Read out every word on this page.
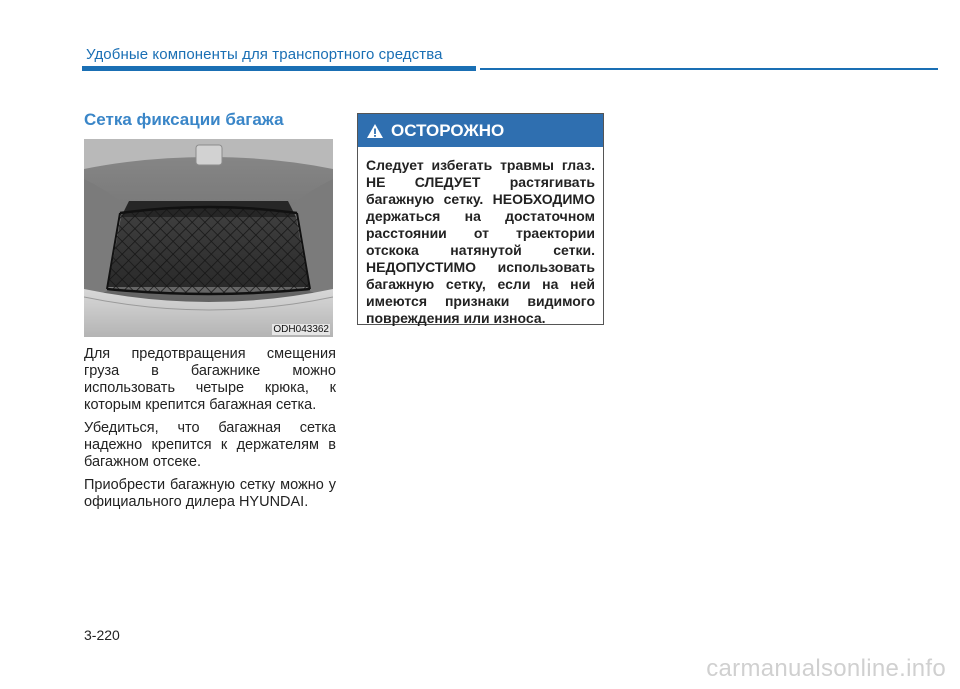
Удобные компоненты для транспортного средства
Сетка фиксации багажа
ODH043362

Для предотвращения смещения груза в багажнике можно использовать четыре крюка, к которым крепится багажная сетка.

Убедиться, что багажная сетка надежно крепится к держателям в багажном отсеке.

Приобрести багажную сетку можно у официального дилера HYUNDAI.

ОСТОРОЖНО
Следует избегать травмы глаз. НЕ СЛЕДУЕТ растягивать багажную сетку. НЕОБХОДИМО держаться на достаточном расстоянии от траектории отскока натянутой сетки. НЕДОПУСТИМО использовать багажную сетку, если на ней имеются признаки видимого повреждения или износа.
3-220
carmanualsonline.info
